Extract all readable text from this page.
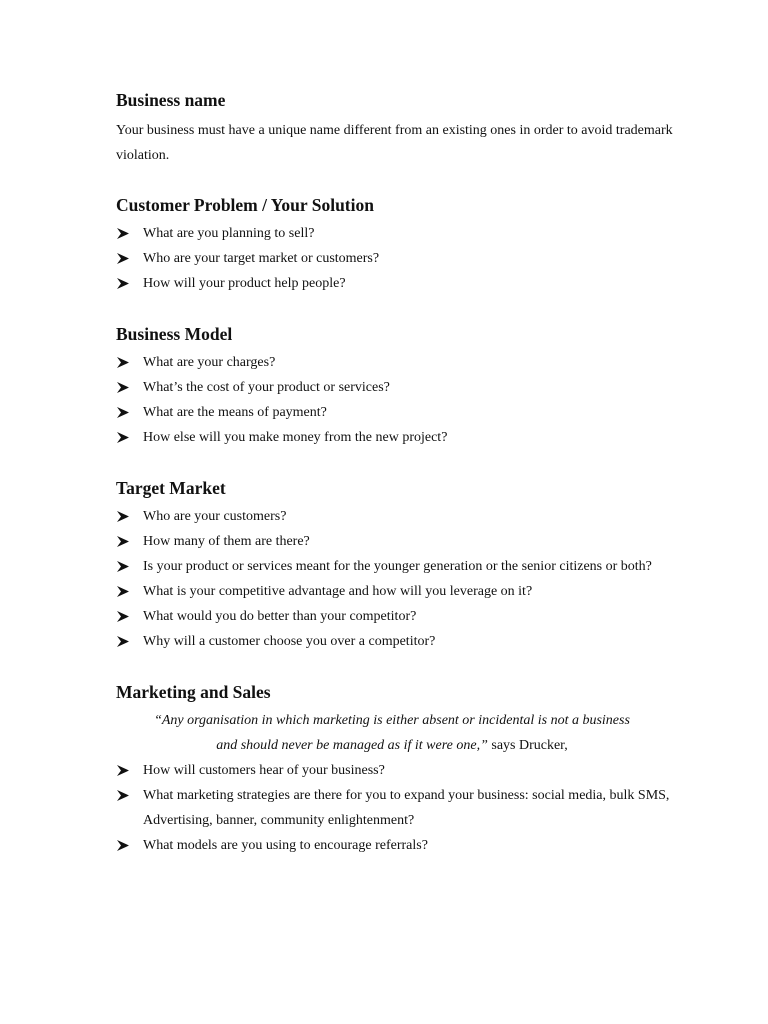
Business name

Your business must have a unique name different from an existing ones in order to avoid trademark violation.

Customer Problem / Your Solution
What are you planning to sell?
Who are your target market or customers?
How will your product help people?
Business Model
What are your charges?
What’s the cost of your product or services?
What are the means of payment?
How else will you make money from the new project?
Target Market
Who are your customers?
How many of them are there?
Is your product or services meant for the younger generation or the senior citizens or both?
What is your competitive advantage and how will you leverage on it?
What would you do better than your competitor?
Why will a customer choose you over a competitor?
Marketing and Sales
“Any organisation in which marketing is either absent or incidental is not a business
and should never be managed as if it were one,” says Drucker,
How will customers hear of your business?
What marketing strategies are there for you to expand your business: social media, bulk SMS, Advertising, banner, community enlightenment?
What models are you using to encourage referrals?
